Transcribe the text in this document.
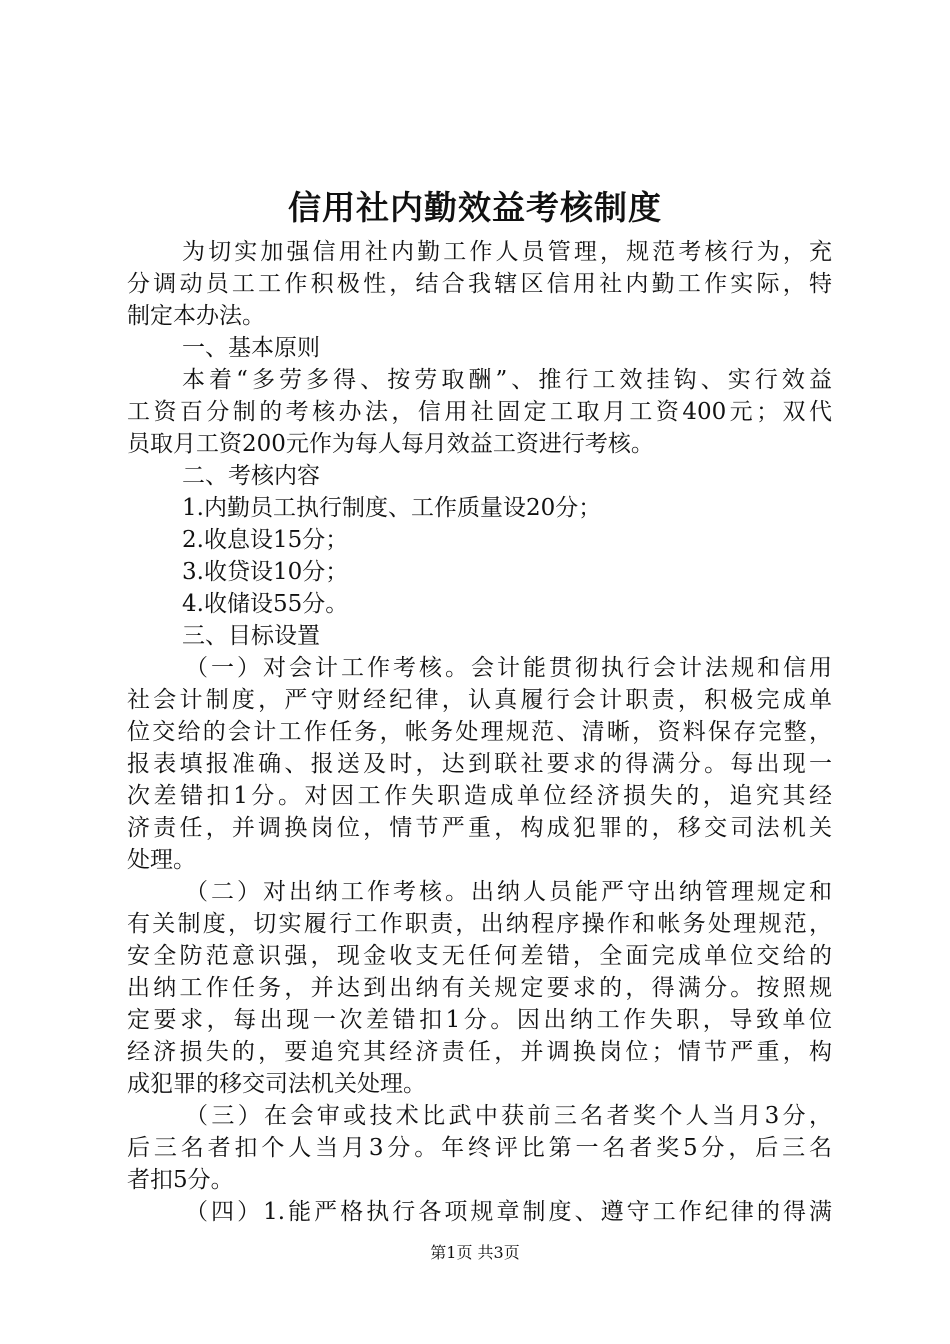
信用社内勤效益考核制度
为切实加强信用社内勤工作人员管理，规范考核行为，充
分调动员工工作积极性，结合我辖区信用社内勤工作实际，特
制定本办法。
一、基本原则
本着“多劳多得、按劳取酬”、推行工效挂钩、实行效益
工资百分制的考核办法，信用社固定工取月工资400元；双代
员取月工资200元作为每人每月效益工资进行考核。
二、考核内容
1.内勤员工执行制度、工作质量设20分；
2.收息设15分；
3.收贷设10分；
4.收储设55分。
三、目标设置
（一）对会计工作考核。会计能贯彻执行会计法规和信用
社会计制度，严守财经纪律，认真履行会计职责，积极完成单
位交给的会计工作任务，帐务处理规范、清晰，资料保存完整，
报表填报准确、报送及时，达到联社要求的得满分。每出现一
次差错扣1分。对因工作失职造成单位经济损失的，追究其经
济责任，并调换岗位，情节严重，构成犯罪的，移交司法机关
处理。
（二）对出纳工作考核。出纳人员能严守出纳管理规定和
有关制度，切实履行工作职责，出纳程序操作和帐务处理规范，
安全防范意识强，现金收支无任何差错，全面完成单位交给的
出纳工作任务，并达到出纳有关规定要求的，得满分。按照规
定要求，每出现一次差错扣1分。因出纳工作失职，导致单位
经济损失的，要追究其经济责任，并调换岗位；情节严重，构
成犯罪的移交司法机关处理。
（三）在会审或技术比武中获前三名者奖个人当月3分，
后三名者扣个人当月3分。年终评比第一名者奖5分，后三名
者扣5分。
（四）1.能严格执行各项规章制度、遵守工作纪律的得满
第1页 共3页
